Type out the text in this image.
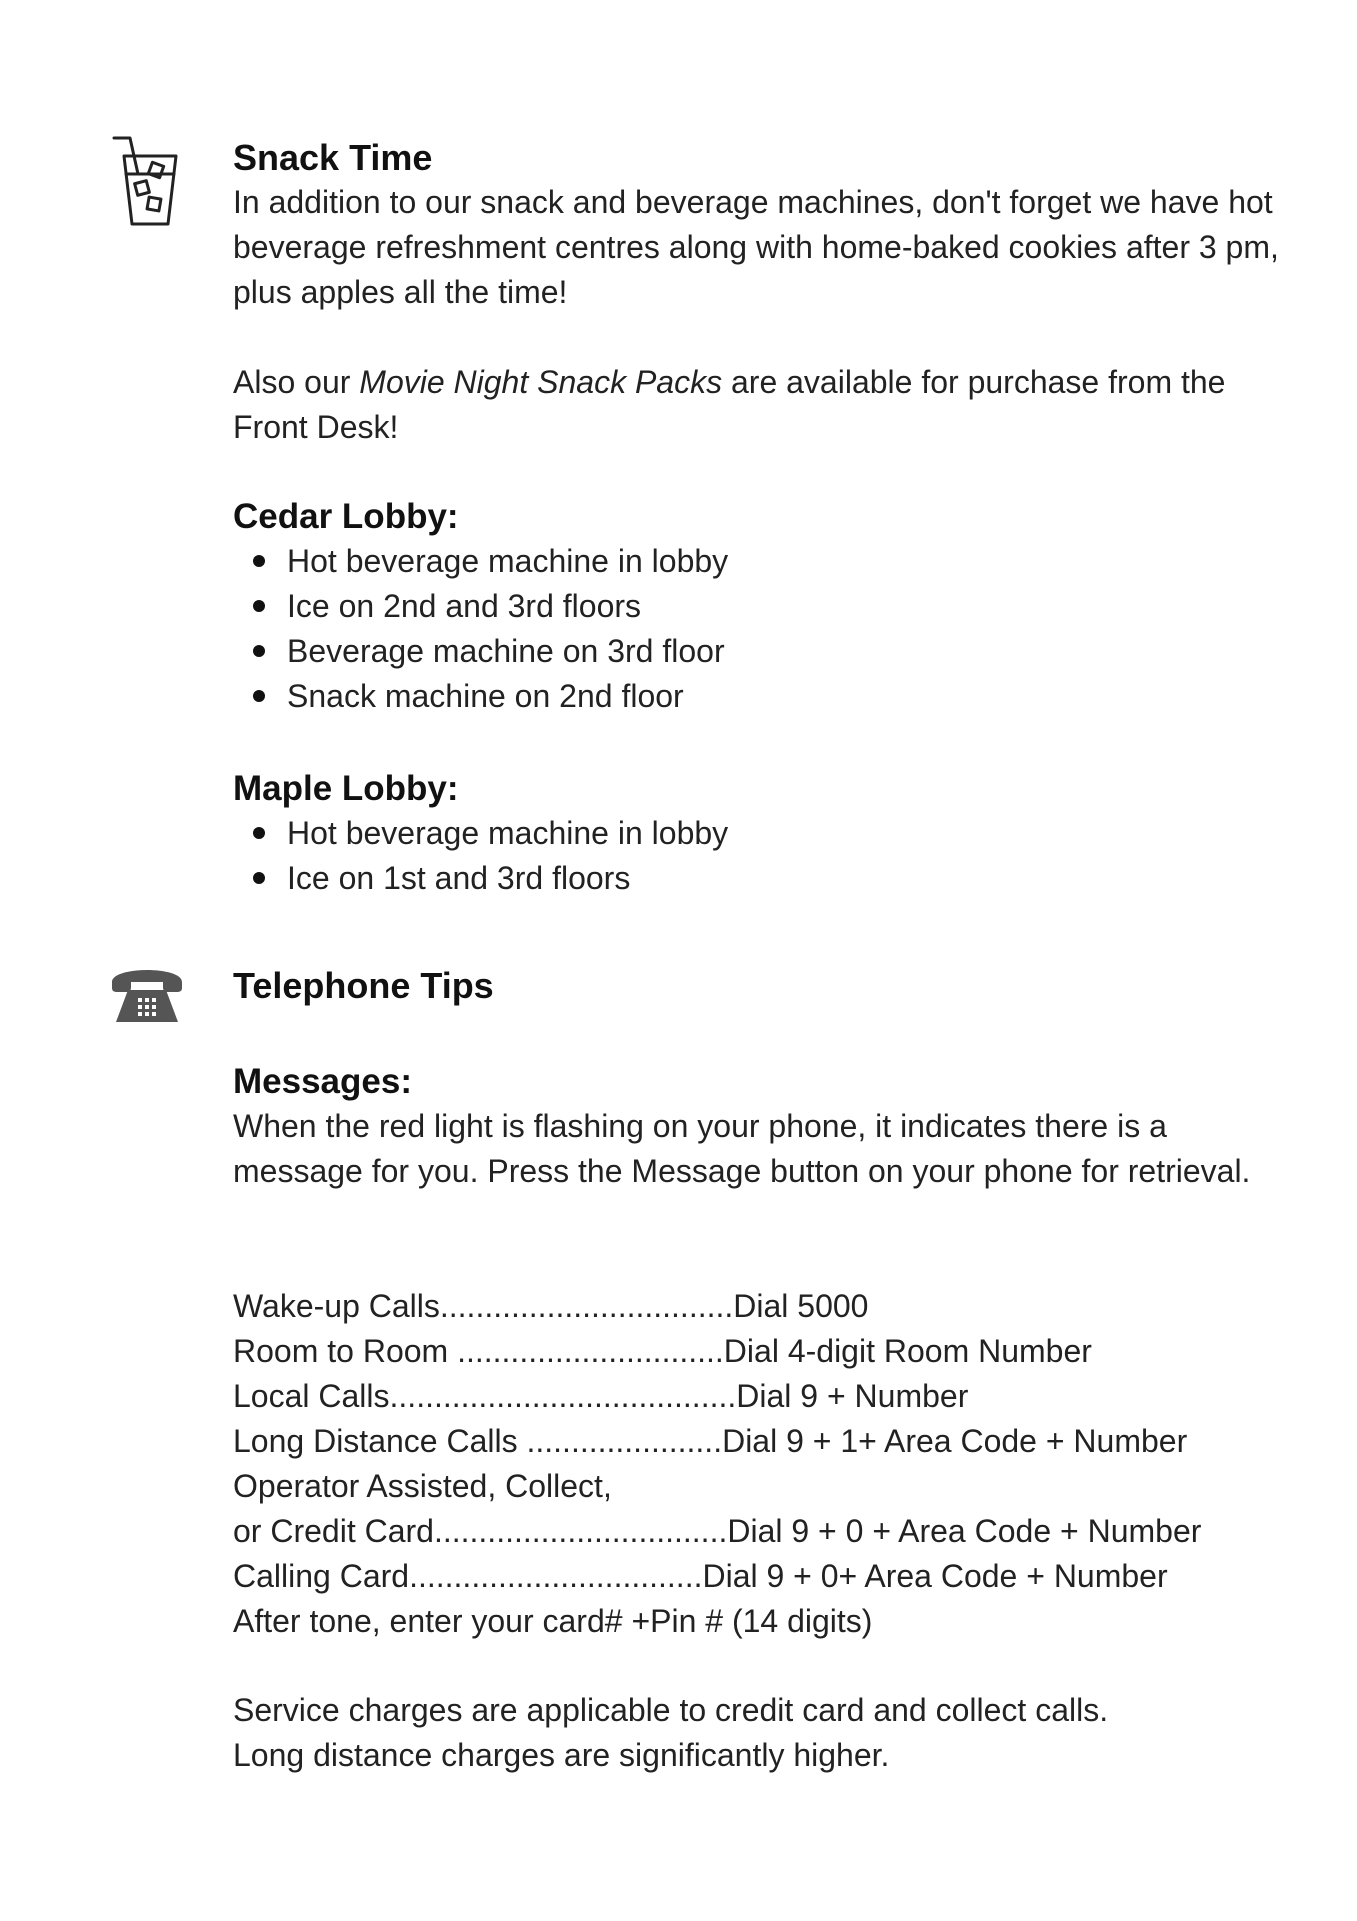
Snack Time

In addition to our snack and beverage machines, don't forget we have hot beverage refreshment centres along with home-baked cookies after 3 pm, plus apples all the time!

Also our Movie Night Snack Packs are available for purchase from the Front Desk!

Cedar Lobby:
Hot beverage machine in lobby
Ice on 2nd and 3rd floors
Beverage machine on 3rd floor
Snack machine on 2nd floor
Maple Lobby:
Hot beverage machine in lobby
Ice on 1st and 3rd floors
Telephone Tips
Messages:

When the red light is flashing on your phone, it indicates there is a message for you. Press the Message button on your phone for retrieval.

Wake-up Calls.................................Dial 5000
Room to Room ..............................Dial 4-digit Room Number
Local Calls.......................................Dial 9 + Number
Long Distance Calls ......................Dial 9 + 1+ Area Code + Number
Operator Assisted, Collect,
or Credit Card.................................Dial 9 + 0 + Area Code + Number
Calling Card.................................Dial 9 + 0+ Area Code + Number
After tone, enter your card# +Pin # (14 digits)
Service charges are applicable to credit card and collect calls.
Long distance charges are significantly higher.
